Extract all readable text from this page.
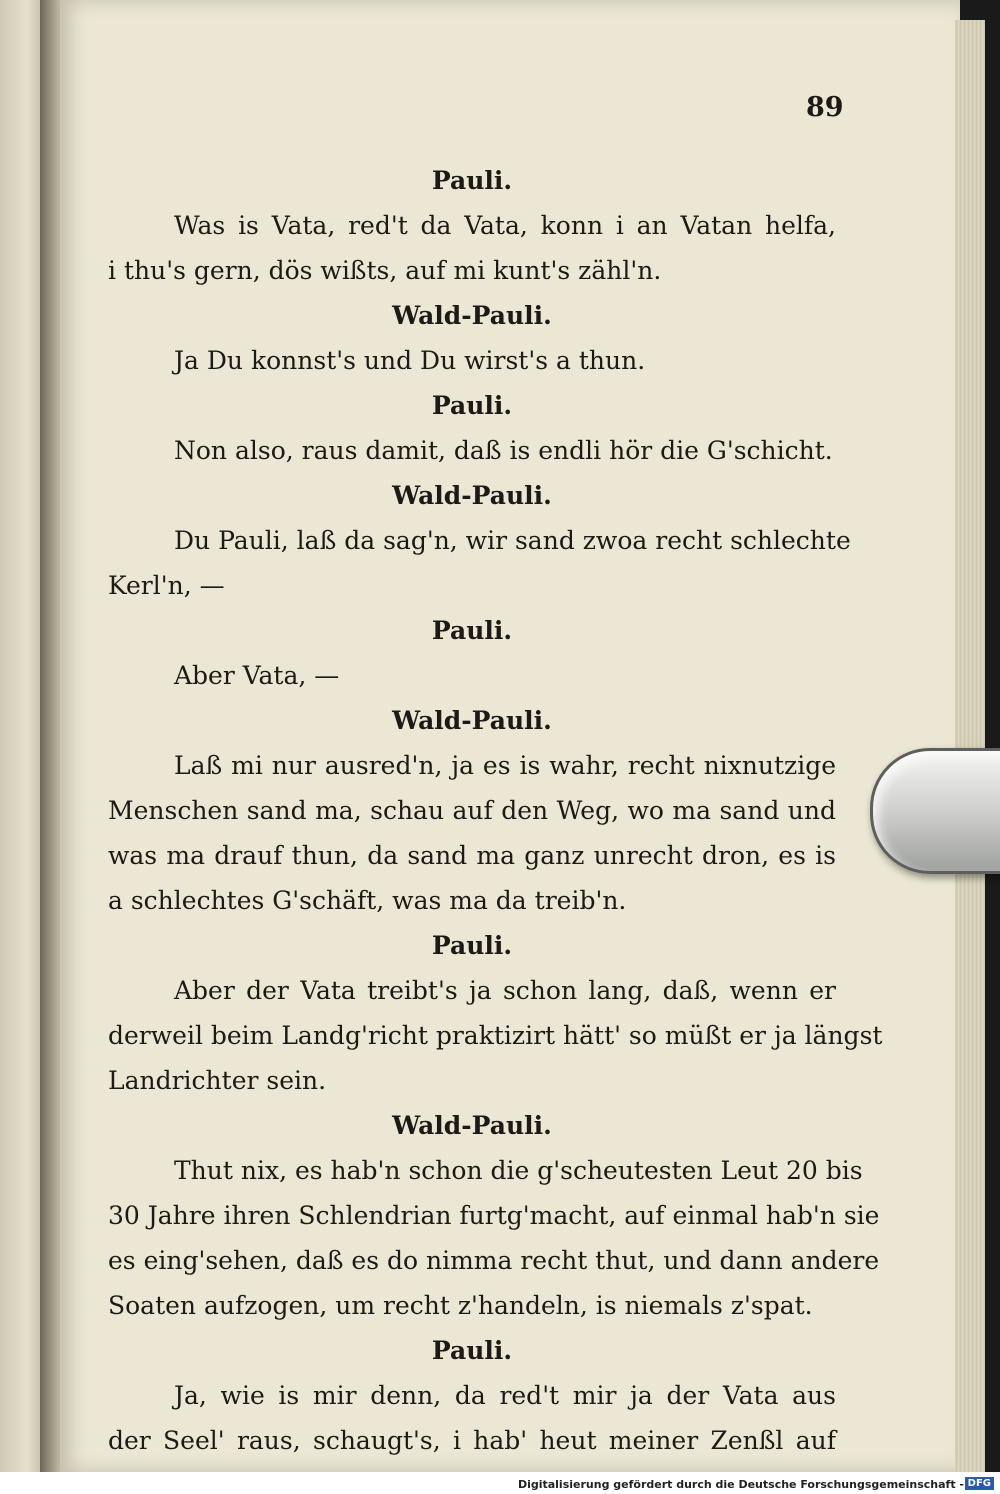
89
Pauli.
Was is Vata, red't da Vata, konn i an Vatan helfa,
i thu's gern, dös wißts, auf mi kunt's zähl'n.
Wald-Pauli.
Ja Du konnst's und Du wirst's a thun.
Pauli.
Non also, raus damit, daß is endli hör die G'schicht.
Wald-Pauli.
Du Pauli, laß da sag'n, wir sand zwoa recht schlechte
Kerl'n, —
Pauli.
Aber Vata, —
Wald-Pauli.
Laß mi nur ausred'n, ja es is wahr, recht nixnutzige
Menschen sand ma, schau auf den Weg, wo ma sand und
was ma drauf thun, da sand ma ganz unrecht dron, es is
a schlechtes G'schäft, was ma da treib'n.
Pauli.
Aber der Vata treibt's ja schon lang, daß, wenn er
derweil beim Landg'richt praktizirt hätt' so müßt er ja längst
Landrichter sein.
Wald-Pauli.
Thut nix, es hab'n schon die g'scheutesten Leut 20 bis
30 Jahre ihren Schlendrian furtg'macht, auf einmal hab'n sie
es eing'sehen, daß es do nimma recht thut, und dann andere
Soaten aufzogen, um recht z'handeln, is niemals z'spat.
Pauli.
Ja, wie is mir denn, da red't mir ja der Vata aus
der Seel' raus, schaugt's, i hab' heut meiner Zenßl auf
Digitalisierung gefördert durch die Deutsche Forschungsgemeinschaft - DFG
